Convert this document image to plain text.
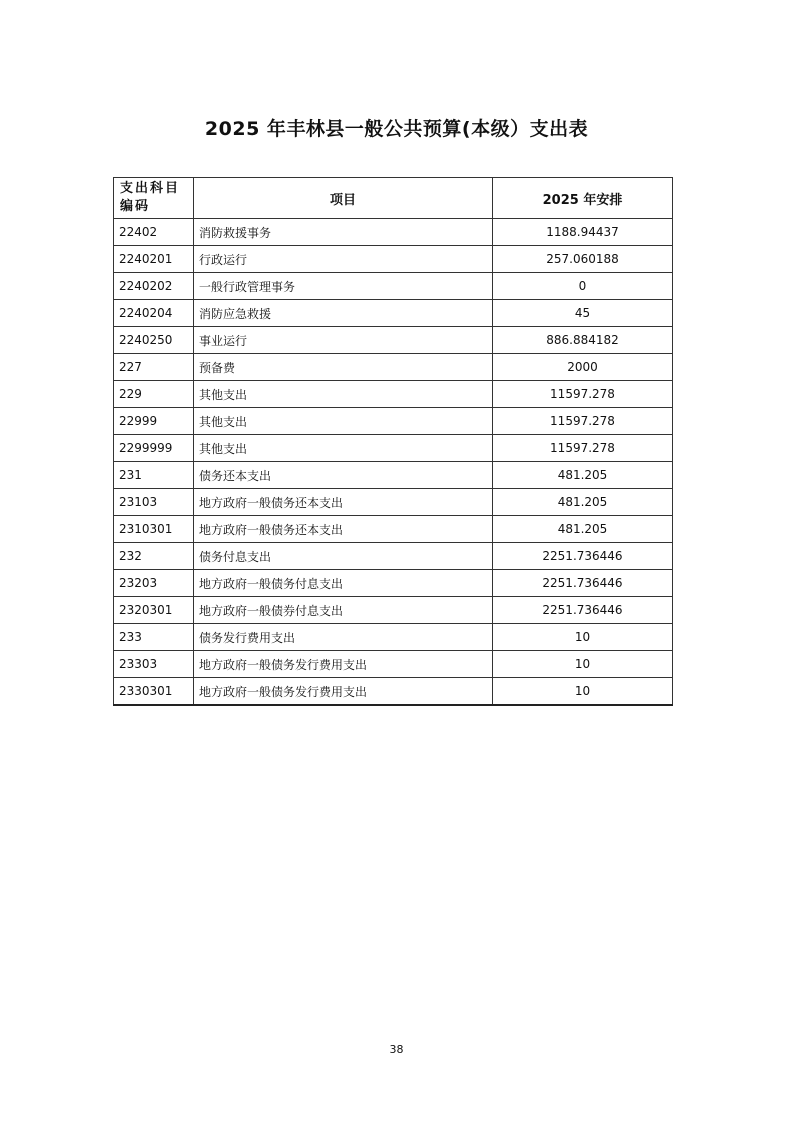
2025 年丰林县一般公共预算(本级）支出表
支出科目编码	项目	2025 年安排
22402	消防救援事务	1188.94437
2240201	行政运行	257.060188
2240202	一般行政管理事务	0
2240204	消防应急救援	45
2240250	事业运行	886.884182
227	预备费	2000
229	其他支出	11597.278
22999	其他支出	11597.278
2299999	其他支出	11597.278
231	债务还本支出	481.205
23103	地方政府一般债务还本支出	481.205
2310301	地方政府一般债务还本支出	481.205
232	债务付息支出	2251.736446
23203	地方政府一般债务付息支出	2251.736446
2320301	地方政府一般债券付息支出	2251.736446
233	债务发行费用支出	10
23303	地方政府一般债务发行费用支出	10
2330301	地方政府一般债务发行费用支出	10
38
